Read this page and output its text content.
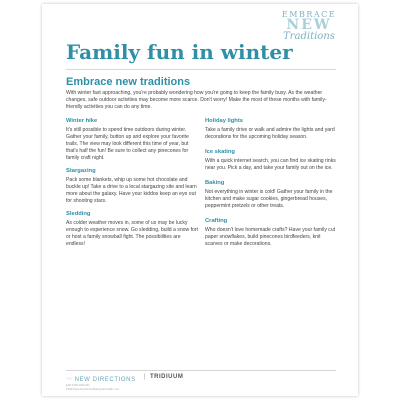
EMBRACE
NEW
Traditions
Family fun in winter
Embrace new traditions
With winter fast approaching, you're probably wondering how you're going to keep the family busy. As the weather changes, safe outdoor activities may become more scarce. Don't worry! Make the most of these months with family-friendly activities you can do any time.
Winter hike

It's still possible to spend time outdoors during winter. Gather your family, button up and explore your favorite trails. The view may look different this time of year, but that's half the fun! Be sure to collect any pinecones for family craft night.

Stargazing

Pack some blankets, whip up some hot chocolate and buckle up! Take a drive to a local stargazing site and learn more about the galaxy. Have your kiddos keep an eye out for shooting stars.

Sledding

As colder weather moves in, some of us may be lucky enough to experience snow. Go sledding, build a snow fort or host a family snowball fight. The possibilities are endless!

Holiday lights

Take a family drive or walk and admire the lights and yard decorations for the upcoming holiday season.

Ice skating

With a quick internet search, you can find ice skating rinks near you. Pick a day, and take your family out on the ice.

Baking

Not everything in winter is cold! Gather your family in the kitchen and make sugar cookies, gingerbread houses, peppermint pretzels or other treats.

Crafting

Who doesn't love homemade crafts? Have your family cut paper snowflakes, build pinecones birdfeeders, knit scarves or make decorations.

〰 NEW DIRECTIONS | TRIDIUUM
EAP-1093-1030-001
©2020 New Directions Behavioral Health, LLC
